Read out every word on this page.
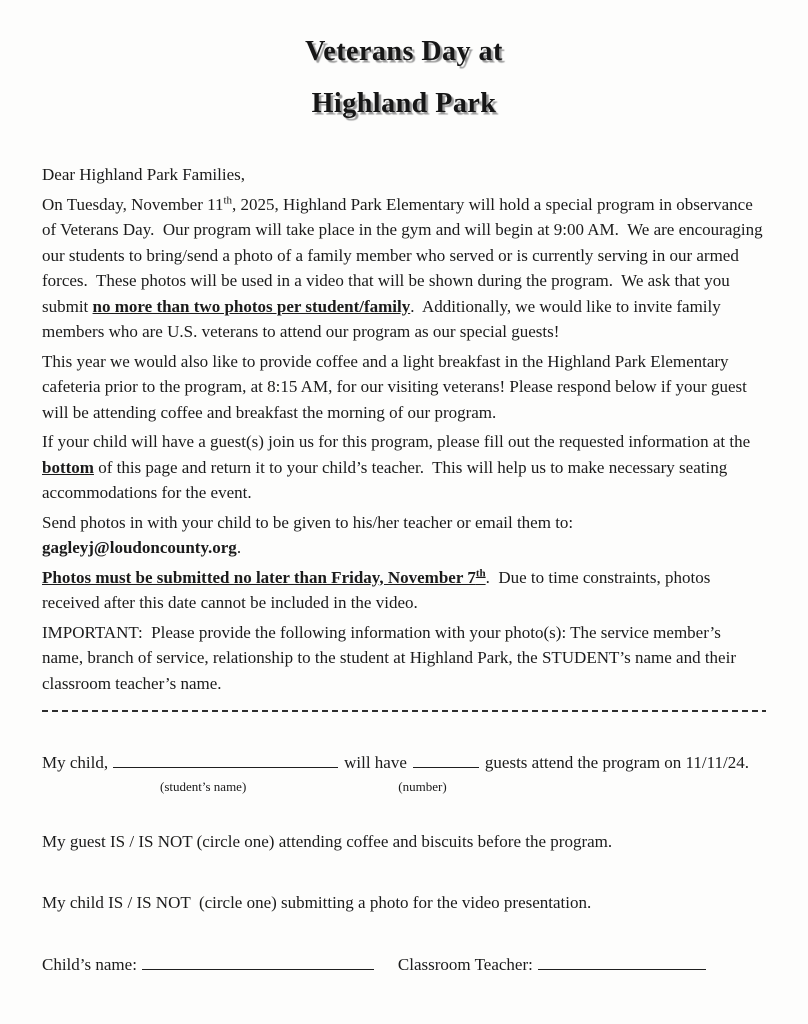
Veterans Day at
Highland Park

Dear Highland Park Families,

On Tuesday, November 11th, 2025, Highland Park Elementary will hold a special program in observance of Veterans Day.  Our program will take place in the gym and will begin at 9:00 AM.  We are encouraging our students to bring/send a photo of a family member who served or is currently serving in our armed forces.  These photos will be used in a video that will be shown during the program.  We ask that you submit no more than two photos per student/family.  Additionally, we would like to invite family members who are U.S. veterans to attend our program as our special guests!

This year we would also like to provide coffee and a light breakfast in the Highland Park Elementary cafeteria prior to the program, at 8:15 AM, for our visiting veterans! Please respond below if your guest will be attending coffee and breakfast the morning of our program.

If your child will have a guest(s) join us for this program, please fill out the requested information at the bottom of this page and return it to your child’s teacher.  This will help us to make necessary seating accommodations for the event.

Send photos in with your child to be given to his/her teacher or email them to: gagleyj@loudoncounty.org.

Photos must be submitted no later than Friday, November 7th.  Due to time constraints, photos received after this date cannot be included in the video.

IMPORTANT:  Please provide the following information with your photo(s): The service member’s name, branch of service, relationship to the student at Highland Park, the STUDENT’s name and their classroom teacher’s name.

My child,	will have	guests attend the program on 11/11/24.
(student’s name)	(number)
My guest IS / IS NOT (circle one) attending coffee and biscuits before the program.
My child IS / IS NOT  (circle one) submitting a photo for the video presentation.
Child’s name:	Classroom Teacher:
